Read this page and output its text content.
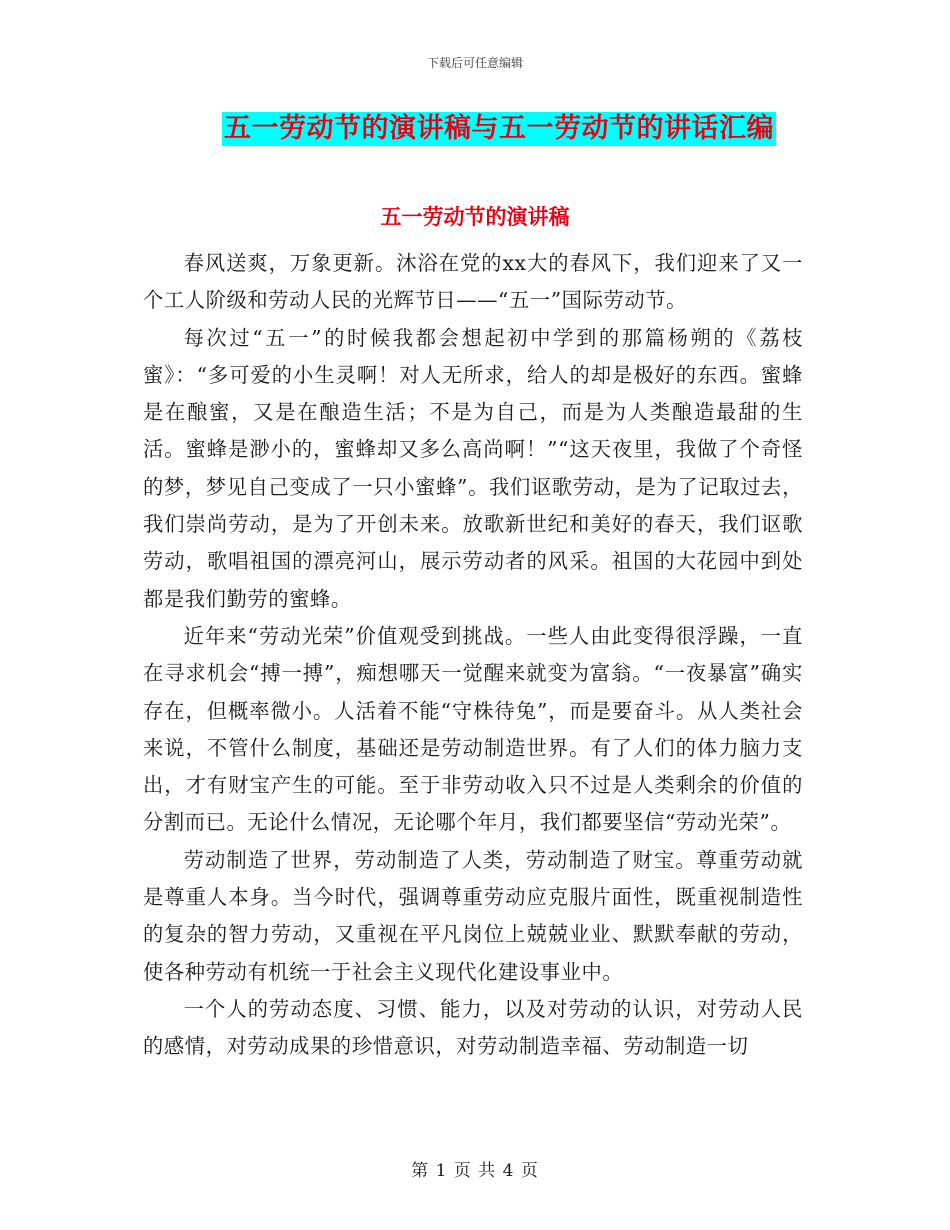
下载后可任意编辑
五一劳动节的演讲稿与五一劳动节的讲话汇编
五一劳动节的演讲稿

春风送爽，万象更新。沐浴在党的xx大的春风下，我们迎来了又一个工人阶级和劳动人民的光辉节日——“五一”国际劳动节。

每次过“五一”的时候我都会想起初中学到的那篇杨朔的《荔枝蜜》：“多可爱的小生灵啊！对人无所求，给人的却是极好的东西。蜜蜂是在酿蜜，又是在酿造生活；不是为自己，而是为人类酿造最甜的生活。蜜蜂是渺小的，蜜蜂却又多么高尚啊！”“这天夜里，我做了个奇怪的梦，梦见自己变成了一只小蜜蜂”。我们讴歌劳动，是为了记取过去，我们崇尚劳动，是为了开创未来。放歌新世纪和美好的春天，我们讴歌劳动，歌唱祖国的漂亮河山，展示劳动者的风采。祖国的大花园中到处都是我们勤劳的蜜蜂。

近年来“劳动光荣”价值观受到挑战。一些人由此变得很浮躁，一直在寻求机会“搏一搏”，痴想哪天一觉醒来就变为富翁。“一夜暴富”确实存在，但概率微小。人活着不能“守株待兔”，而是要奋斗。从人类社会来说，不管什么制度，基础还是劳动制造世界。有了人们的体力脑力支出，才有财宝产生的可能。至于非劳动收入只不过是人类剩余的价值的分割而已。无论什么情况，无论哪个年月，我们都要坚信“劳动光荣”。

劳动制造了世界，劳动制造了人类，劳动制造了财宝。尊重劳动就是尊重人本身。当今时代，强调尊重劳动应克服片面性，既重视制造性的复杂的智力劳动，又重视在平凡岗位上兢兢业业、默默奉献的劳动，使各种劳动有机统一于社会主义现代化建设事业中。

一个人的劳动态度、习惯、能力，以及对劳动的认识，对劳动人民的感情，对劳动成果的珍惜意识，对劳动制造幸福、劳动制造一切

第 1 页 共 4 页
